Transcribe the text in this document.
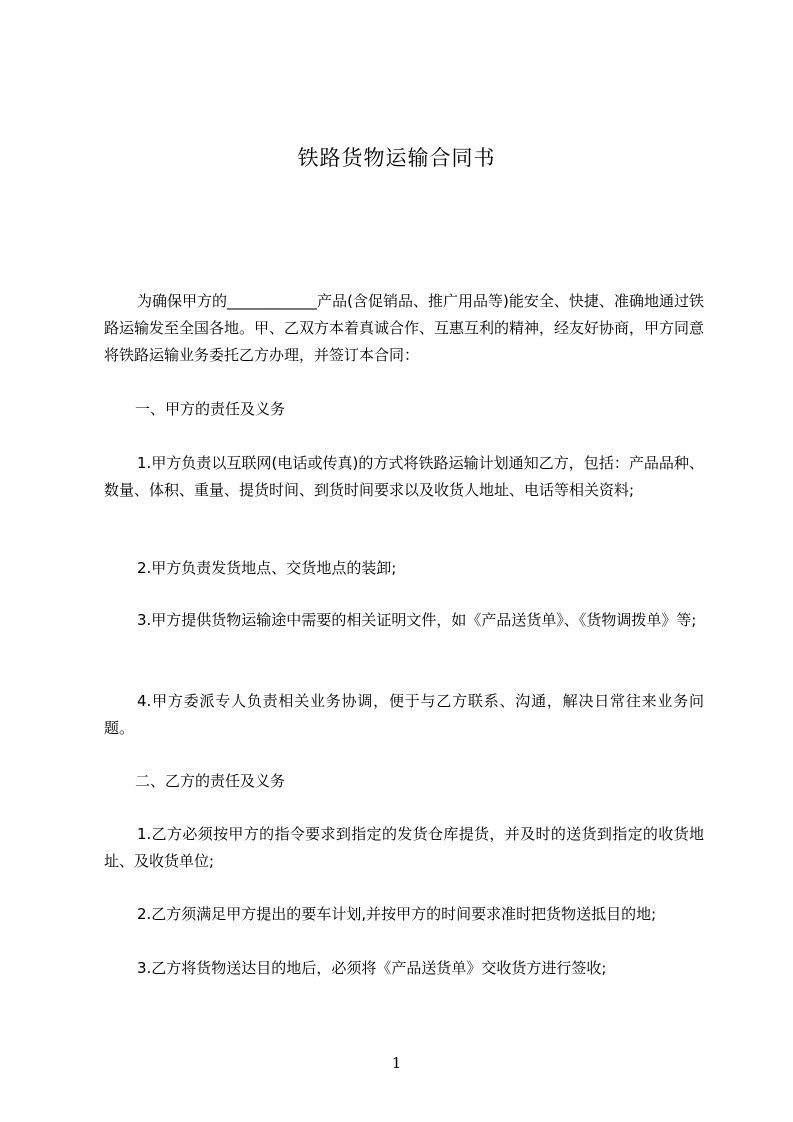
铁路货物运输合同书
为确保甲方的____________产品(含促销品、推广用品等)能安全、快捷、准确地通过铁路运输发至全国各地。甲、乙双方本着真诚合作、互惠互利的精神，经友好协商，甲方同意将铁路运输业务委托乙方办理，并签订本合同：
一、甲方的责任及义务
1.甲方负责以互联网(电话或传真)的方式将铁路运输计划通知乙方，包括：产品品种、数量、体积、重量、提货时间、到货时间要求以及收货人地址、电话等相关资料;
2.甲方负责发货地点、交货地点的装卸;
3.甲方提供货物运输途中需要的相关证明文件，如《产品送货单》、《货物调拨单》等;
4.甲方委派专人负责相关业务协调，便于与乙方联系、沟通，解决日常往来业务问题。
二、乙方的责任及义务
1.乙方必须按甲方的指令要求到指定的发货仓库提货，并及时的送货到指定的收货地址、及收货单位;
2.乙方须满足甲方提出的要车计划,并按甲方的时间要求准时把货物送抵目的地;
3.乙方将货物送达目的地后，必须将《产品送货单》交收货方进行签收;
1
